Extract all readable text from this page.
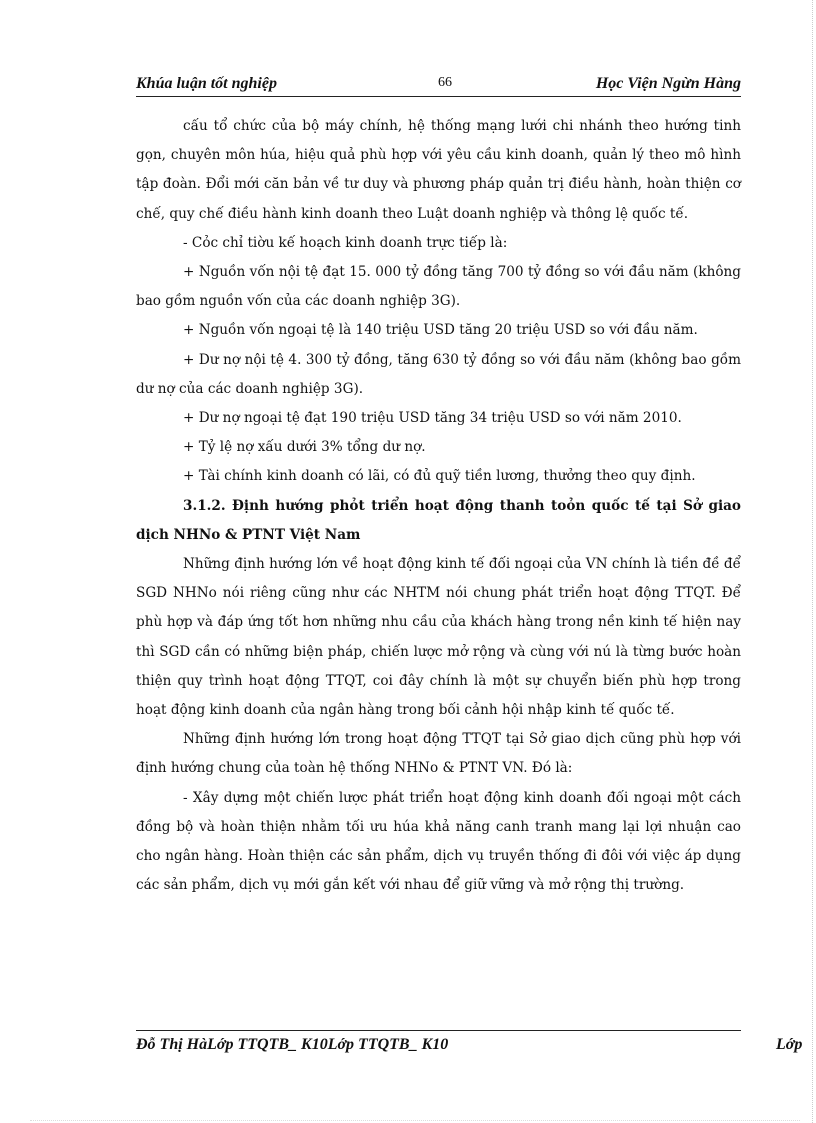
Khúa luận tốt nghiệp	66	Học Viện Ngừn Hàng

cấu tổ chức của bộ máy chính, hệ thống mạng lưới chi nhánh theo hướng tinh gọn, chuyên môn húa, hiệu quả phù hợp với yêu cầu kinh doanh, quản lý theo mô hình tập đoàn. Đổi mới căn bản về tư duy và phương pháp quản trị điều hành, hoàn thiện cơ chế, quy chế điều hành kinh doanh theo Luật doanh nghiệp và thông lệ quốc tế.

- Cỏc chỉ tiờu kế hoạch kinh doanh trực tiếp là:

+ Nguồn vốn nội tệ đạt 15. 000 tỷ đồng tăng 700 tỷ đồng so với đầu năm (không bao gồm nguồn vốn của các doanh nghiệp 3G).

+ Nguồn vốn ngoại tệ là 140 triệu USD tăng 20 triệu USD so với đầu năm.

+ Dư nợ nội tệ 4. 300 tỷ đồng, tăng 630 tỷ đồng so với đầu năm (không bao gồm dư nợ của các doanh nghiệp 3G).

+ Dư nợ ngoại tệ đạt 190 triệu USD tăng 34 triệu USD so với năm 2010.

+ Tỷ lệ nợ xấu dưới 3% tổng dư nợ.

+ Tài chính kinh doanh có lãi, có đủ quỹ tiền lương, thưởng theo quy định.

3.1.2. Định hướng phỏt triển hoạt động thanh toỏn quốc tế tại Sở giao dịch NHNo & PTNT Việt Nam

Những định hướng lớn về hoạt động kinh tế đối ngoại của VN chính là tiền đề để SGD NHNo nói riêng cũng như các NHTM nói chung phát triển hoạt động TTQT. Để phù hợp và đáp ứng tốt hơn những nhu cầu của khách hàng trong nền kinh tế hiện nay thì SGD cần có những biện pháp, chiến lược mở rộng và cùng với nú là từng bước hoàn thiện quy trình hoạt động TTQT, coi đây chính là một sự chuyển biến phù hợp trong hoạt động kinh doanh của ngân hàng trong bối cảnh hội nhập kinh tế quốc tế.

Những định hướng lớn trong hoạt động TTQT tại Sở giao dịch cũng phù hợp với định hướng chung của toàn hệ thống NHNo & PTNT VN. Đó là:

- Xây dựng một chiến lược phát triển hoạt động kinh doanh đối ngoại một cách đồng bộ và hoàn thiện nhằm tối ưu húa khả năng canh tranh mang lại lợi nhuận cao cho ngân hàng. Hoàn thiện các sản phẩm, dịch vụ truyền thống đi đôi với việc áp dụng các sản phẩm, dịch vụ mới gắn kết với nhau để giữ vững và mở rộng thị trường.

Đỗ Thị HàLớp TTQTB_ K10Lớp TTQTB_ K10	Lớp
